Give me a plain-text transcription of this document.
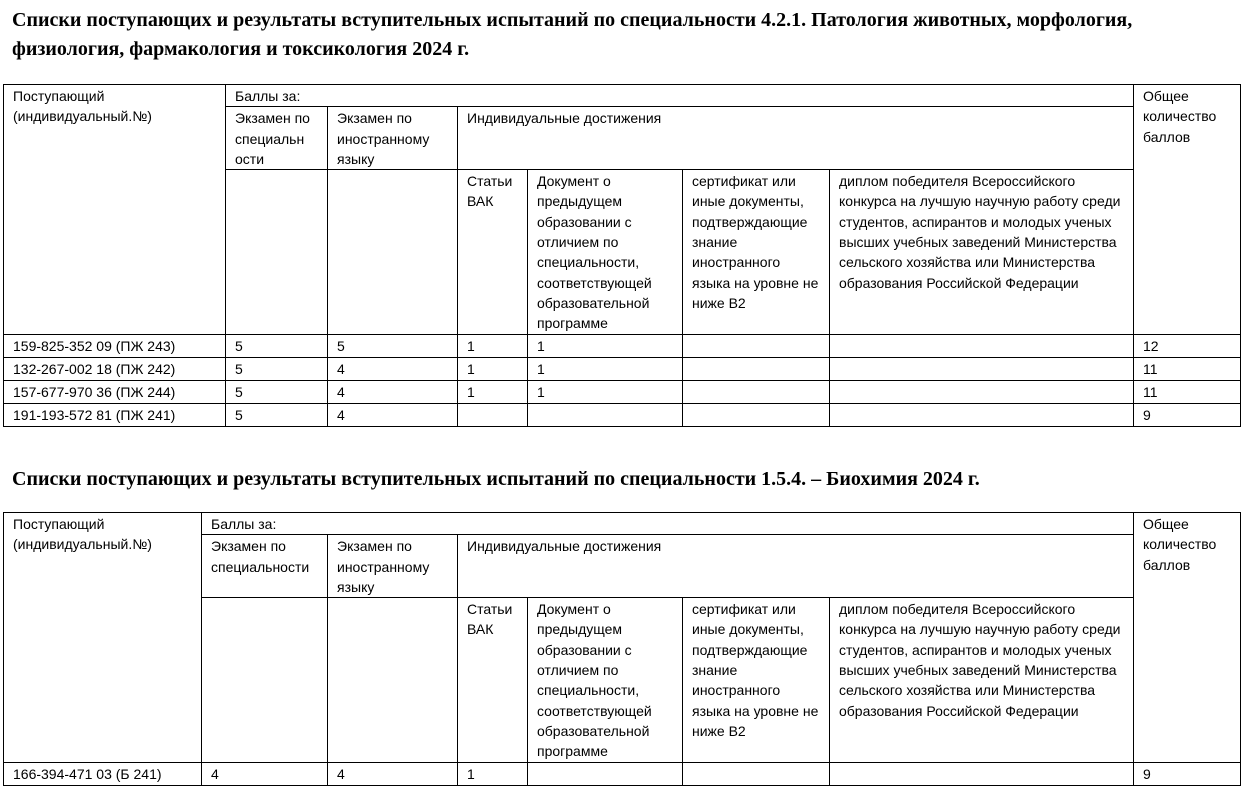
Списки поступающих и результаты вступительных испытаний по специальности 4.2.1. Патология животных, морфология, физиология, фармакология и токсикология 2024 г.
Поступающий (индивидуальный.№)	Баллы за:						Общее количество баллов
	Экзамен по специальн ости	Экзамен по иностранному языку	Индивидуальные достижения				
			Статьи ВАК	Документ о предыдущем образовании с отличием по специальности, соответствующей образовательной программе	сертификат или иные документы, подтверждающие знание иностранного языка на уровне не ниже В2	диплом победителя Всероссийского конкурса на лучшую научную работу среди студентов, аспирантов и молодых ученых высших учебных заведений Министерства сельского хозяйства или Министерства образования Российской Федерации	
159-825-352 09 (ПЖ 243)	5	5	1	1			12
132-267-002 18 (ПЖ 242)	5	4	1	1			11
157-677-970 36 (ПЖ 244)	5	4	1	1			11
191-193-572 81 (ПЖ 241)	5	4					9
Списки поступающих и результаты вступительных испытаний по специальности 1.5.4. – Биохимия 2024 г.
Поступающий (индивидуальный.№)	Баллы за:						Общее количество баллов
	Экзамен по специальности	Экзамен по иностранному языку	Индивидуальные достижения				
			Статьи ВАК	Документ о предыдущем образовании с отличием по специальности, соответствующей образовательной программе	сертификат или иные документы, подтверждающие знание иностранного языка на уровне не ниже В2	диплом победителя Всероссийского конкурса на лучшую научную работу среди студентов, аспирантов и молодых ученых высших учебных заведений Министерства сельского хозяйства или Министерства образования Российской Федерации	
166-394-471 03 (Б 241)	4	4	1				9
